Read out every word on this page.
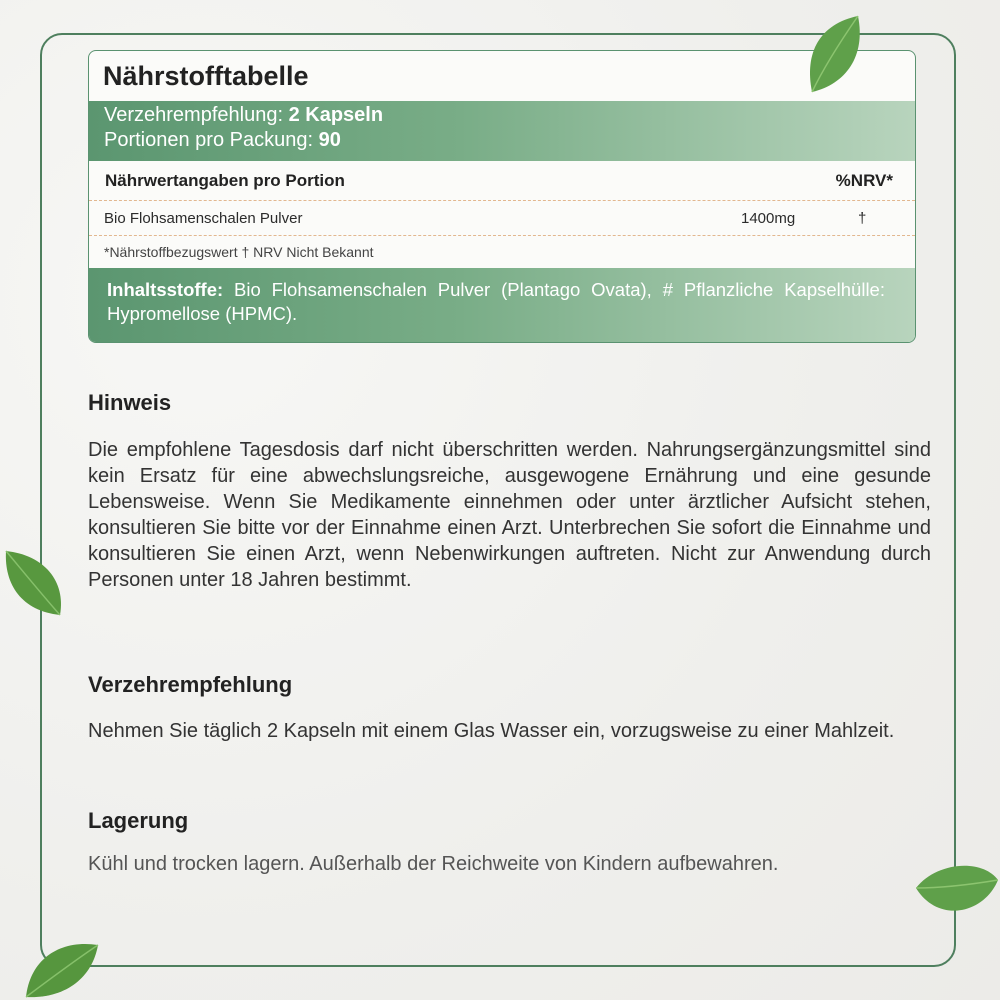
Nährstofftabelle
Verzehrempfehlung: 2 Kapseln
Portionen pro Packung: 90
Nährwertangaben pro Portion	%NRV*
Bio Flohsamenschalen Pulver	1400mg	†
*Nährstoffbezugswert † NRV Nicht Bekannt
Inhaltsstoffe: Bio Flohsamenschalen Pulver (Plantago Ovata), # Pflanzliche Kapselhülle: Hypromellose (HPMC).
Hinweis

Die empfohlene Tagesdosis darf nicht überschritten werden. Nahrungsergänzungsmittel sind kein Ersatz für eine abwechslungsreiche, ausgewogene Ernährung und eine gesunde Lebensweise. Wenn Sie Medikamente einnehmen oder unter ärztlicher Aufsicht stehen, konsultieren Sie bitte vor der Einnahme einen Arzt. Unterbrechen Sie sofort die Einnahme und konsultieren Sie einen Arzt, wenn Nebenwirkungen auftreten. Nicht zur Anwendung durch Personen unter 18 Jahren bestimmt.

Verzehrempfehlung

Nehmen Sie täglich 2 Kapseln mit einem Glas Wasser ein, vorzugsweise zu einer Mahlzeit.

Lagerung

Kühl und trocken lagern. Außerhalb der Reichweite von Kindern aufbewahren.
